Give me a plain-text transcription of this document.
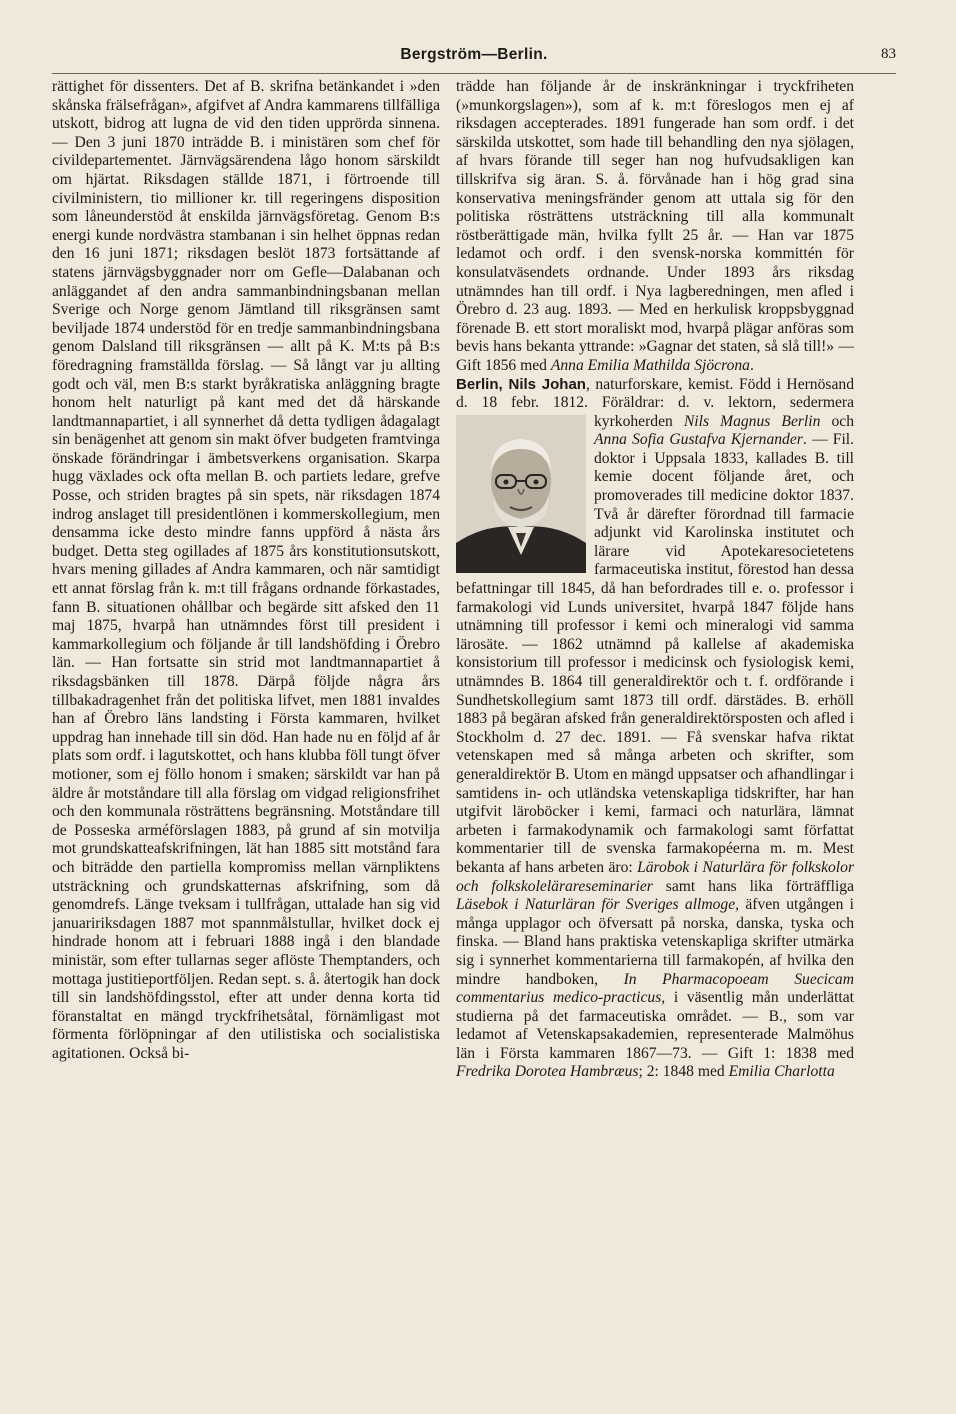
Bergström—Berlin.	83

rättighet för dissenters. Det af B. skrifna betänkandet i »den skånska frälsefrågan», afgifvet af Andra kammarens tillfälliga utskott, bidrog att lugna de vid den tiden upprörda sinnena. — Den 3 juni 1870 inträdde B. i ministären som chef för civildepartementet. Järnvägsärendena lågo honom särskildt om hjärtat. Riksdagen ställde 1871, i förtroende till civilministern, tio millioner kr. till regeringens disposition som låneunderstöd åt enskilda järnvägsföretag. Genom B:s energi kunde nordvästra stambanan i sin helhet öppnas redan den 16 juni 1871; riksdagen beslöt 1873 fortsättande af statens järnvägsbyggnader norr om Gefle—Dalabanan och anläggandet af den andra sammanbindningsbanan mellan Sverige och Norge genom Jämtland till riksgränsen samt beviljade 1874 understöd för en tredje sammanbindningsbana genom Dalsland till riksgränsen — allt på K. M:ts på B:s föredragning framställda förslag. — Så långt var ju allting godt och väl, men B:s starkt byråkratiska anläggning bragte honom helt naturligt på kant med det då härskande landtmannapartiet, i all synnerhet då detta tydligen ådagalagt sin benägenhet att genom sin makt öfver budgeten framtvinga önskade förändringar i ämbetsverkens organisation. Skarpa hugg växlades ock ofta mellan B. och partiets ledare, grefve Posse, och striden bragtes på sin spets, när riksdagen 1874 indrog anslaget till presidentlönen i kommerskollegium, men densamma icke desto mindre fanns uppförd å nästa års budget. Detta steg ogillades af 1875 års konstitutionsutskott, hvars mening gillades af Andra kammaren, och när samtidigt ett annat förslag från k. m:t till frågans ordnande förkastades, fann B. situationen ohållbar och begärde sitt afsked den 11 maj 1875, hvarpå han utnämndes först till president i kammarkollegium och följande år till landshöfding i Örebro län. — Han fortsatte sin strid mot landtmannapartiet å riksdagsbänken till 1878. Därpå följde några års tillbakadragenhet från det politiska lifvet, men 1881 invaldes han af Örebro läns landsting i Första kammaren, hvilket uppdrag han innehade till sin död. Han hade nu en följd af år plats som ordf. i lagutskottet, och hans klubba föll tungt öfver motioner, som ej föllo honom i smaken; särskildt var han på äldre år motståndare till alla förslag om vidgad religionsfrihet och den kommunala rösträttens begränsning. Motståndare till de Posseska arméförslagen 1883, på grund af sin motvilja mot grundskatteafskrifningen, lät han 1885 sitt motstånd fara och biträdde den partiella kompromiss mellan värnpliktens utsträckning och grundskatternas afskrifning, som då genomdrefs. Länge tveksam i tullfrågan, uttalade han sig vid januaririksdagen 1887 mot spannmålstullar, hvilket dock ej hindrade honom att i februari 1888 ingå i den blandade ministär, som efter tullarnas seger aflöste Themptanders, och mottaga justitieportföljen. Redan sept. s. å. återtogik han dock till sin landshöfdingsstol, efter att under denna korta tid föranstaltat en mängd tryckfrihetsåtal, förnämligast mot förmenta förlöpningar af den utilistiska och socialistiska agitationen. Också bi-

trädde han följande år de inskränkningar i tryckfriheten (»munkorgslagen»), som af k. m:t föreslogos men ej af riksdagen accepterades. 1891 fungerade han som ordf. i det särskilda utskottet, som hade till behandling den nya sjölagen, af hvars förande till seger han nog hufvudsakligen kan tillskrifva sig äran. S. å. förvånade han i hög grad sina konservativa meningsfränder genom att uttala sig för den politiska rösträttens utsträckning till alla kommunalt röstberättigade män, hvilka fyllt 25 år. — Han var 1875 ledamot och ordf. i den svensk-norska kommittén för konsulatväsendets ordnande. Under 1893 års riksdag utnämndes han till ordf. i Nya lagberedningen, men afled i Örebro d. 23 aug. 1893. — Med en herkulisk kroppsbyggnad förenade B. ett stort moraliskt mod, hvarpå plägar anföras som bevis hans bekanta yttrande: »Gagnar det staten, så slå till!» — Gift 1856 med Anna Emilia Mathilda Sjöcrona.

Berlin, Nils Johan, naturforskare, kemist. Född i Hernösand d. 18 febr. 1812. Föräldrar: d. v. lektorn, sedermera kyrkoherden Nils Magnus Berlin och Anna Sofia Gustafva Kjernander. — Fil. doktor i Uppsala 1833, kallades B. till kemie docent följande året, och promoverades till medicine doktor 1837. Två år därefter förordnad till farmacie adjunkt vid Karolinska institutet och lärare vid Apotekaresocietetens farmaceutiska institut, förestod han dessa befattningar till 1845, då han befordrades till e. o. professor i farmakologi vid Lunds universitet, hvarpå 1847 följde hans utnämning till professor i kemi och mineralogi vid samma lärosäte. — 1862 utnämnd på kallelse af akademiska konsistorium till professor i medicinsk och fysiologisk kemi, utnämndes B. 1864 till generaldirektör och t. f. ordförande i Sundhetskollegium samt 1873 till ordf. därstädes. B. erhöll 1883 på begäran afsked från generaldirektörsposten och afled i Stockholm d. 27 dec. 1891. — Få svenskar hafva riktat vetenskapen med så många arbeten och skrifter, som generaldirektör B. Utom en mängd uppsatser och afhandlingar i samtidens in- och utländska vetenskapliga tidskrifter, har han utgifvit läroböcker i kemi, farmaci och naturlära, lämnat arbeten i farmakodynamik och farmakologi samt författat kommentarier till de svenska farmakopéerna m. m. Mest bekanta af hans arbeten äro: Lärobok i Naturlära för folkskolor och folkskolelärareseminarier samt hans lika förträffliga Läsebok i Naturläran för Sveriges allmoge, äfven utgången i många upplagor och öfversatt på norska, danska, tyska och finska. — Bland hans praktiska vetenskapliga skrifter utmärka sig i synnerhet kommentarierna till farmakopén, af hvilka den mindre handboken, In Pharmacopoeam Suecicam commentarius medico-practicus, i väsentlig mån underlättat studierna på det farmaceutiska området. — B., som var ledamot af Vetenskapsakademien, representerade Malmöhus län i Första kammaren 1867—73. — Gift 1: 1838 med Fredrika Dorotea Hambræus; 2: 1848 med Emilia Charlotta
